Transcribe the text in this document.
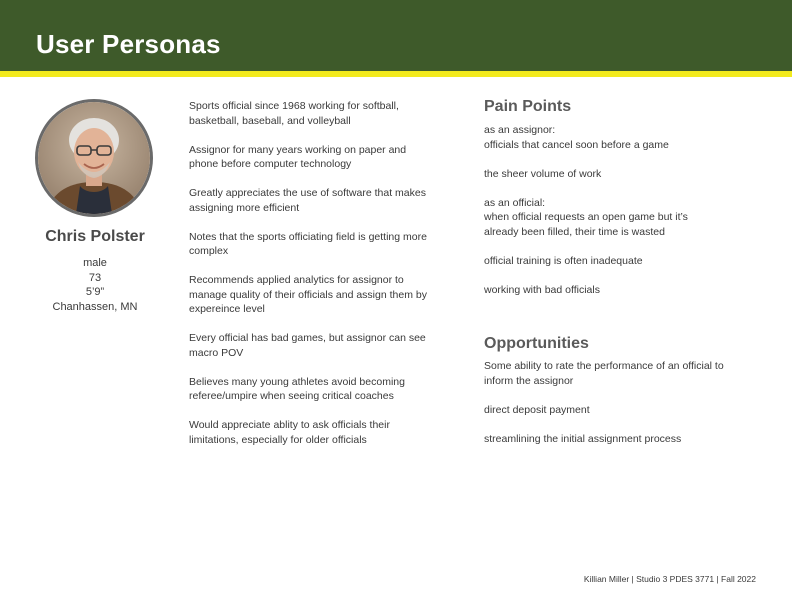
User Personas
Chris Polster
male
73
5’9”
Chanhassen, MN

Sports official since 1968 working for softball, basketball, baseball, and volleyball

Assignor for many years working on paper and phone before computer technology

Greatly appreciates the use of software that makes assigning more efficient

Notes that the sports officiating field is getting more complex

Recommends applied analytics for assignor to manage quality of their officials and assign them by expereince level

Every official has bad games, but assignor can see macro POV

Believes many young athletes avoid becoming referee/umpire when seeing critical coaches

Would appreciate ablity to ask officials their limitations, especially for older officials

Pain Points

as an assignor:
officials that cancel soon before a game

the sheer volume of work

as an official:
when official requests an open game but it’s already been filled, their time is wasted

official training is often inadequate

working with bad officials

Opportunities

Some ability to rate the performance of an official to inform the assignor

direct deposit payment

streamlining the initial assignment process

Killian Miller | Studio 3 PDES 3771 | Fall 2022
